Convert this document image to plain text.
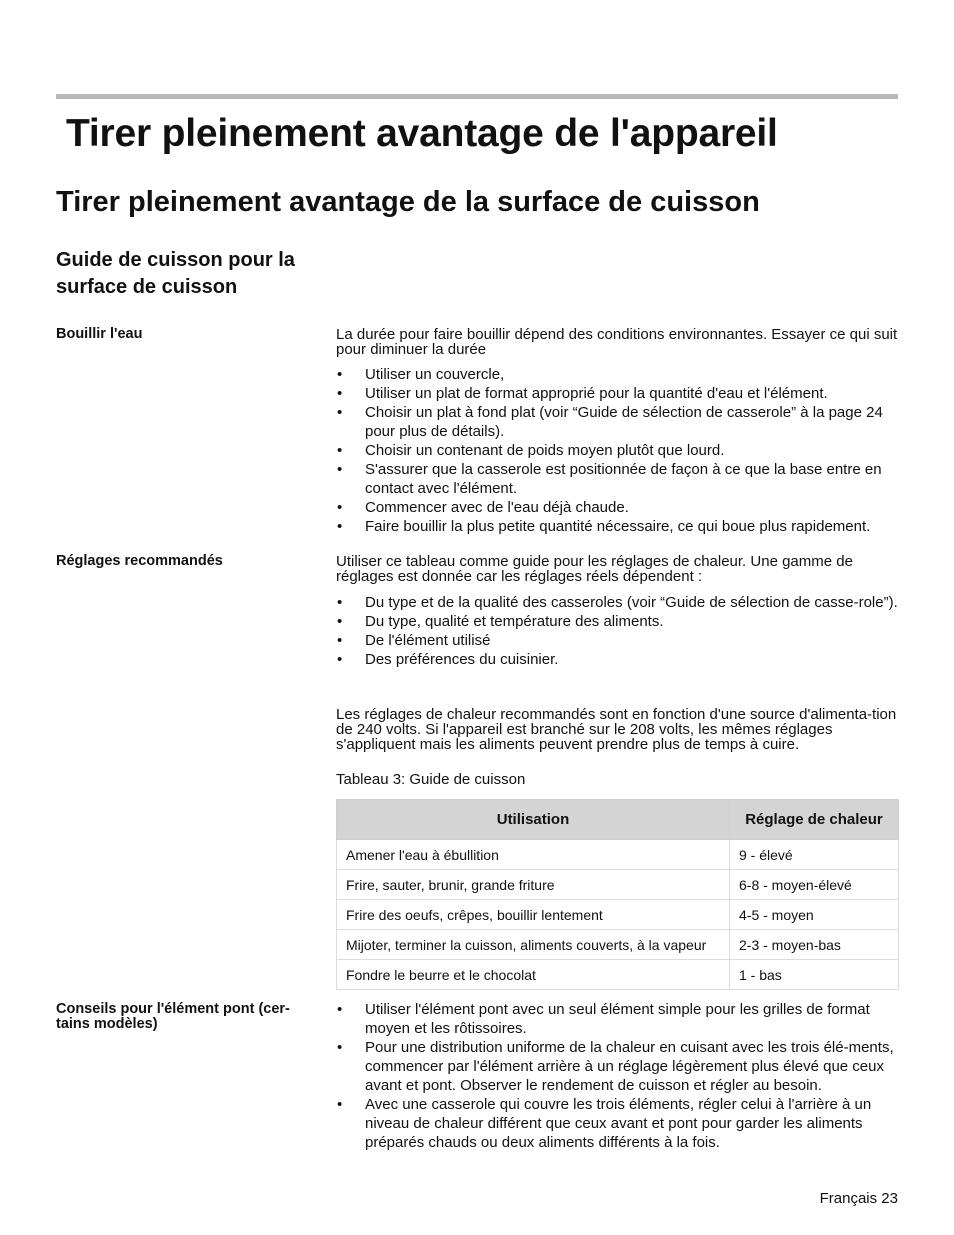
Tirer pleinement avantage de l'appareil
Tirer pleinement avantage de la surface de cuisson
Guide de cuisson pour la surface de cuisson
Bouillir l'eau	La durée pour faire bouillir dépend des conditions environnantes. Essayer ce qui suit pour diminuer la durée

• Utiliser un couvercle,
• Utiliser un plat de format approprié pour la quantité d'eau et l'élément.
• Choisir un plat à fond plat (voir “Guide de sélection de casserole” à la page 24 pour plus de détails).
• Choisir un contenant de poids moyen plutôt que lourd.
• S'assurer que la casserole est positionnée de façon à ce que la base entre en contact avec l'élément.
• Commencer avec de l'eau déjà chaude.
• Faire bouillir la plus petite quantité nécessaire, ce qui boue plus rapidement.
Réglages recommandés	Utiliser ce tableau comme guide pour les réglages de chaleur. Une gamme de réglages est donnée car les réglages réels dépendent :

• Du type et de la qualité des casseroles (voir “Guide de sélection de casse-role”).
• Du type, qualité et température des aliments.
• De l'élément utilisé
• Des préférences du cuisinier.

Les réglages de chaleur recommandés sont en fonction d'une source d'alimenta-tion de 240 volts. Si l'appareil est branché sur le 208 volts, les mêmes réglages s'appliquent mais les aliments peuvent prendre plus de temps à cuire.

Tableau 3: Guide de cuisson
Utilisation	Réglage de chaleur
Amener l'eau à ébullition	9 - élevé
Frire, sauter, brunir, grande friture	6-8 - moyen-élevé
Frire des oeufs, crêpes, bouillir lentement	4-5 - moyen
Mijoter, terminer la cuisson, aliments couverts, à la vapeur	2-3 - moyen-bas
Fondre le beurre et le chocolat	1 - bas
Conseils pour l'élément pont (cer-tains modèles)
• Utiliser l'élément pont avec un seul élément simple pour les grilles de format moyen et les rôtissoires.
• Pour une distribution uniforme de la chaleur en cuisant avec les trois élé-ments, commencer par l'élément arrière à un réglage légèrement plus élevé que ceux avant et pont. Observer le rendement de cuisson et régler au besoin.
• Avec une casserole qui couvre les trois éléments, régler celui à l'arrière à un niveau de chaleur différent que ceux avant et pont pour garder les aliments préparés chauds ou deux aliments différents à la fois.
Français 23
